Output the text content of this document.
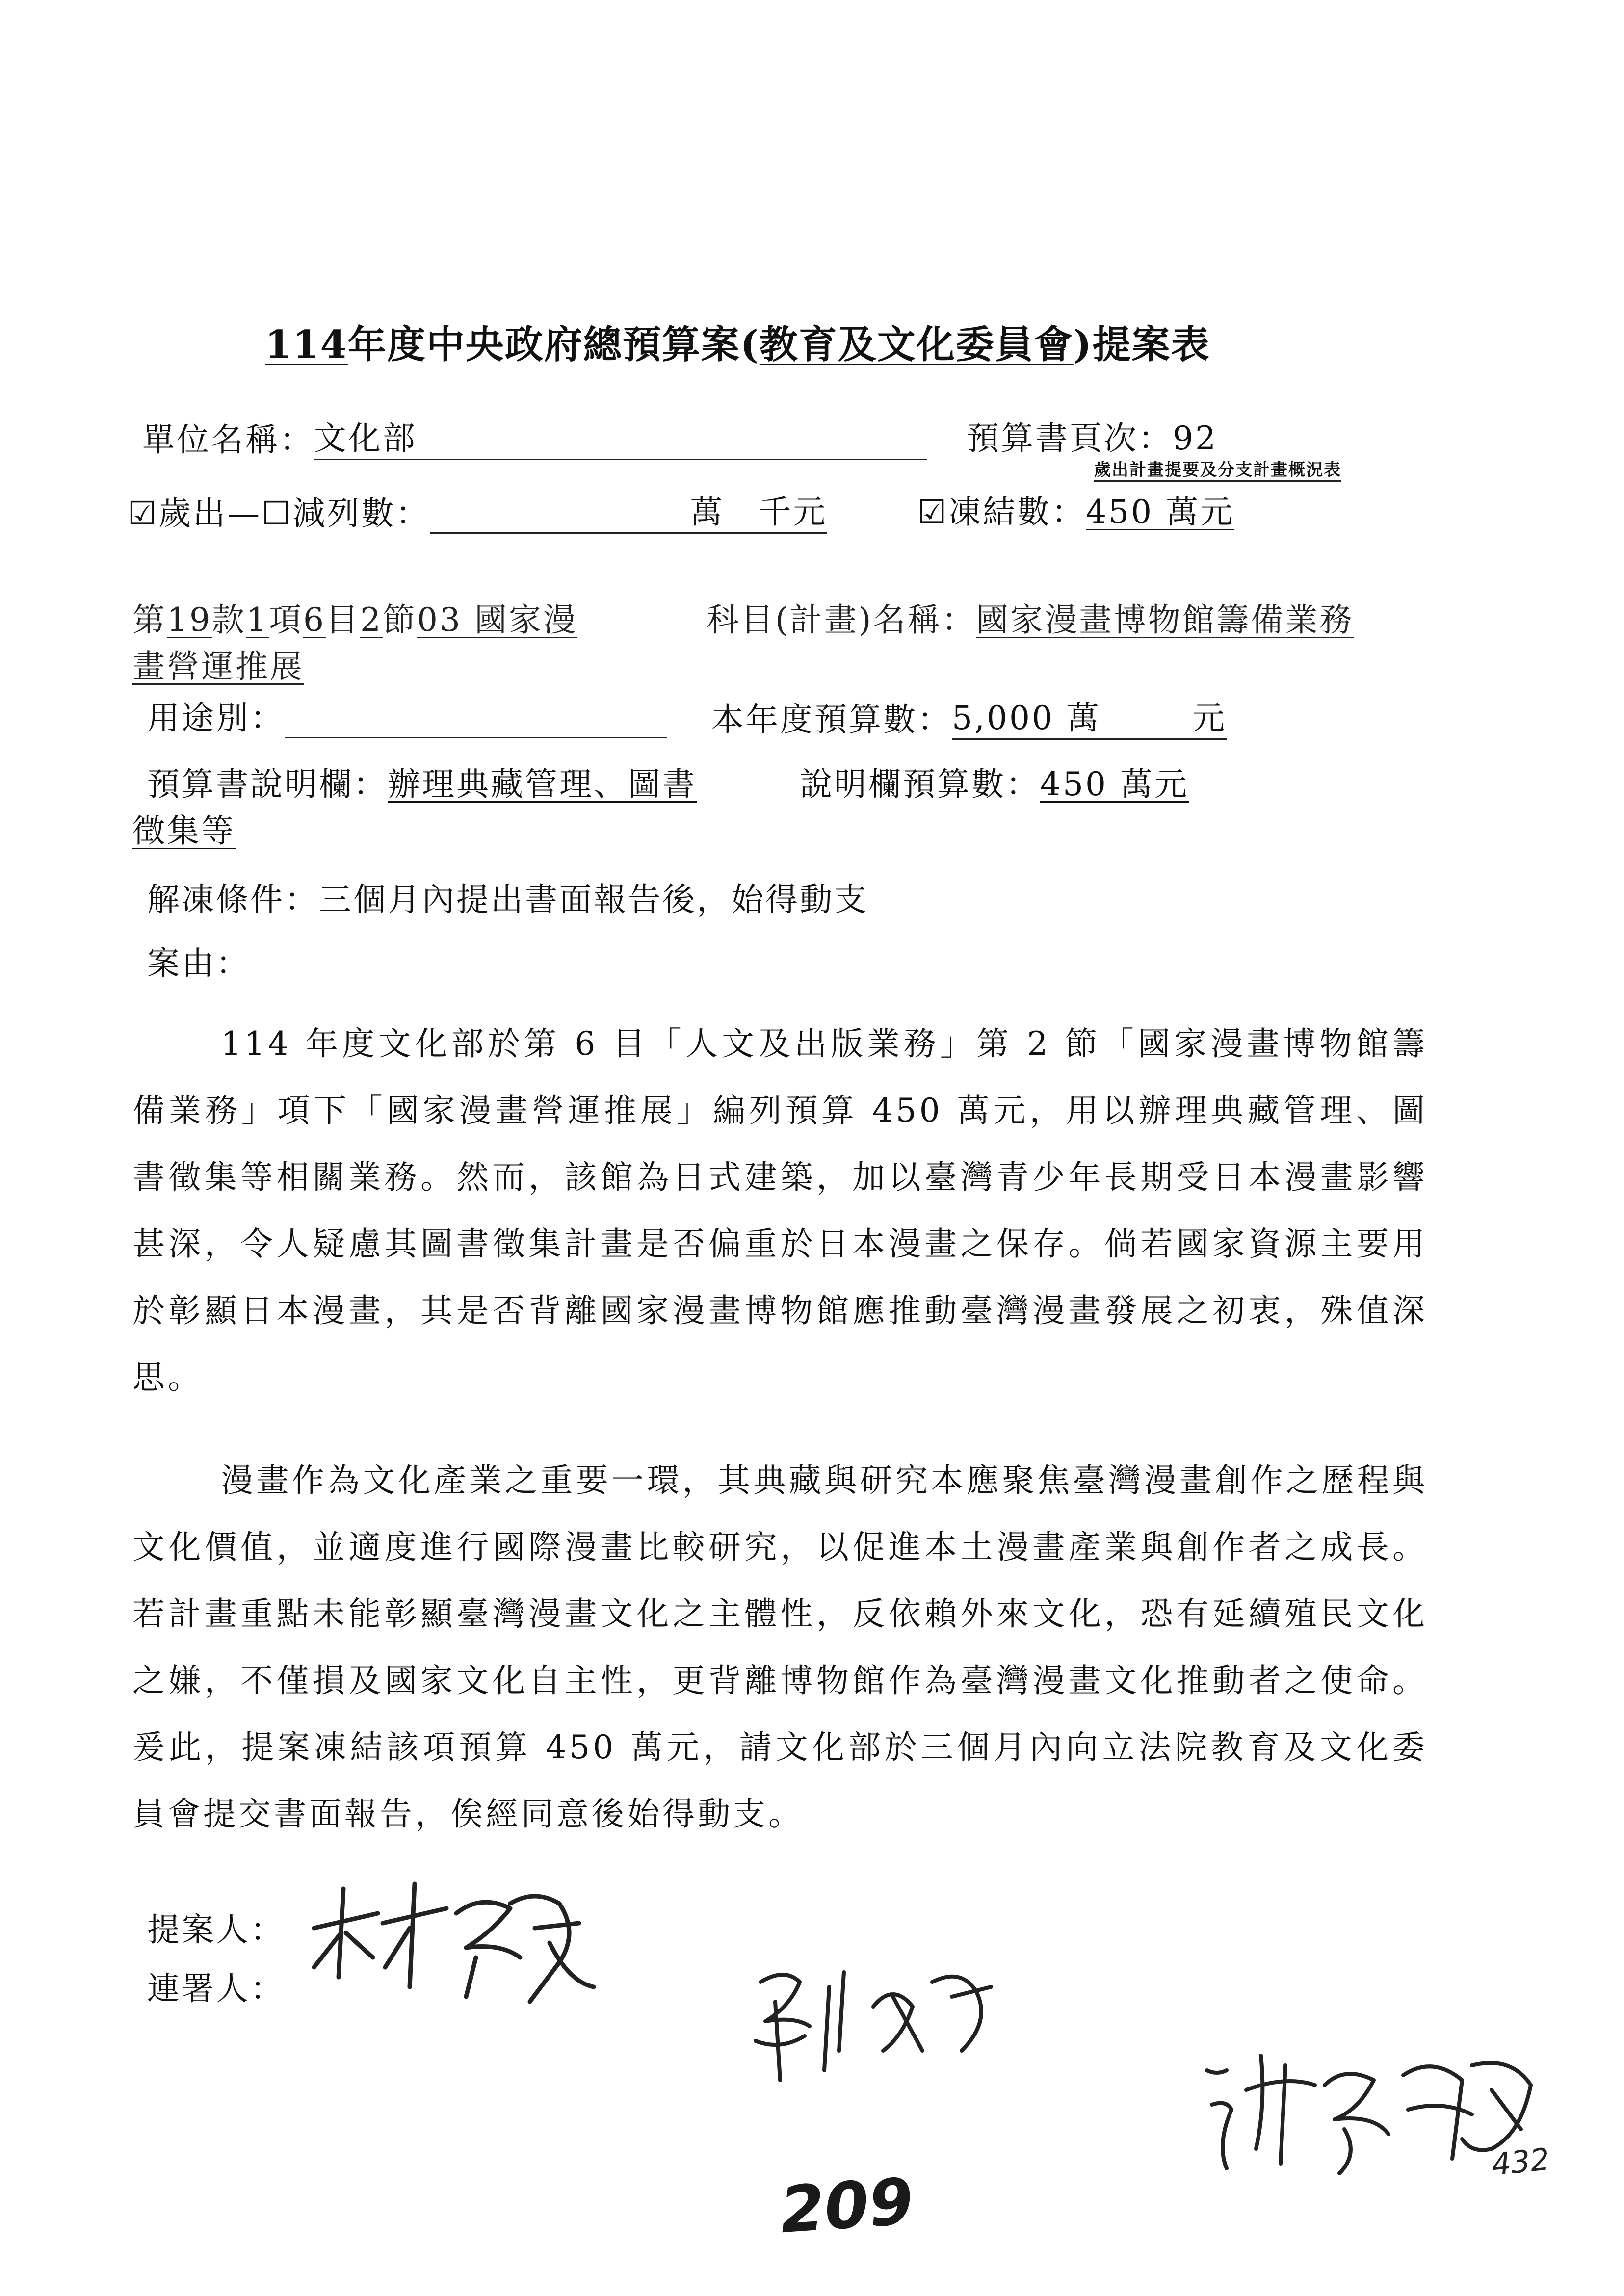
114年度中央政府總預算案(教育及文化委員會)提案表
單位名稱：文化部	預算書頁次：92
歲出計畫提要及分支計畫概況表
☑歲出—☐減列數：	萬　千元	☑凍結數：450 萬元
第19款1項6目2節03 國家漫	科目(計畫)名稱：國家漫畫博物館籌備業務
畫營運推展
用途別：	本年度預算數：5,000 萬	元
預算書說明欄：辦理典藏管理、圖書	說明欄預算數：450 萬元
徵集等
解凍條件：三個月內提出書面報告後，始得動支
案由：

114 年度文化部於第 6 目「人文及出版業務」第 2 節「國家漫畫博物館籌備業務」項下「國家漫畫營運推展」編列預算 450 萬元，用以辦理典藏管理、圖書徵集等相關業務。然而，該館為日式建築，加以臺灣青少年長期受日本漫畫影響甚深，令人疑慮其圖書徵集計畫是否偏重於日本漫畫之保存。倘若國家資源主要用於彰顯日本漫畫，其是否背離國家漫畫博物館應推動臺灣漫畫發展之初衷，殊值深思。

漫畫作為文化產業之重要一環，其典藏與研究本應聚焦臺灣漫畫創作之歷程與文化價值，並適度進行國際漫畫比較研究，以促進本土漫畫產業與創作者之成長。若計畫重點未能彰顯臺灣漫畫文化之主體性，反依賴外來文化，恐有延續殖民文化之嫌，不僅損及國家文化自主性，更背離博物館作為臺灣漫畫文化推動者之使命。爰此，提案凍結該項預算 450 萬元，請文化部於三個月內向立法院教育及文化委員會提交書面報告，俟經同意後始得動支。

提案人：
連署人：
209
432
